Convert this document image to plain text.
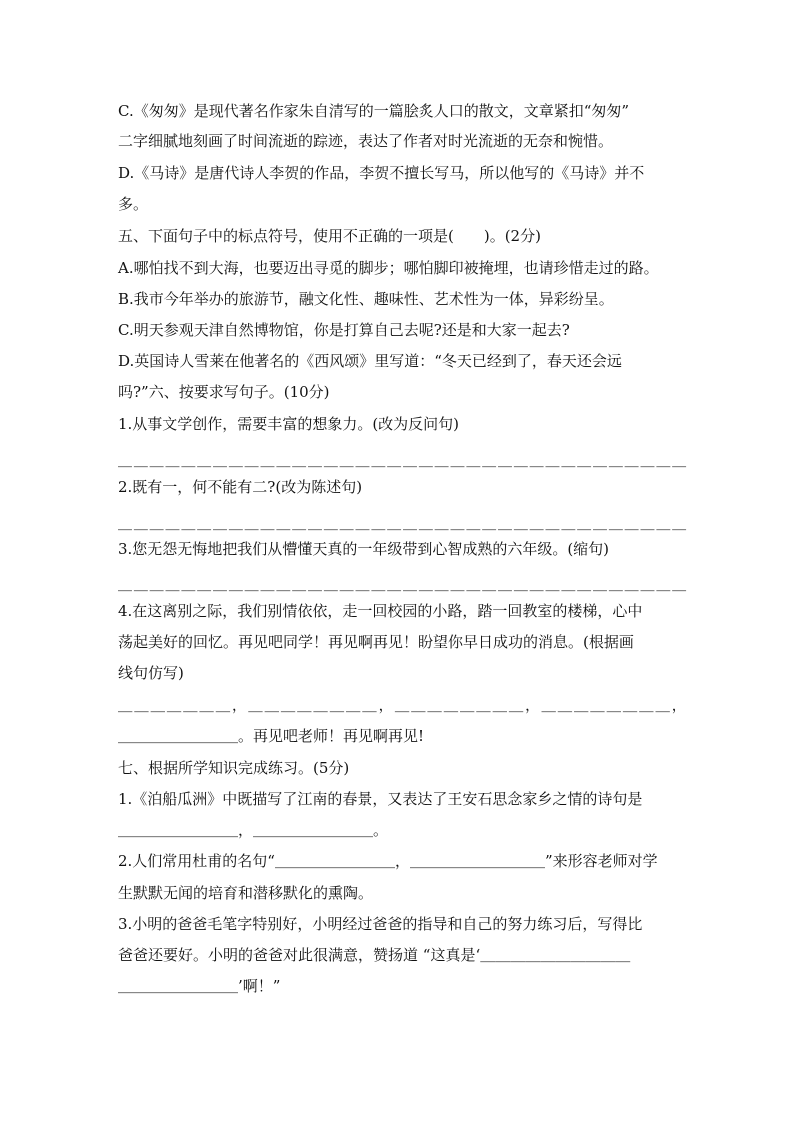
C.《匆匆》是现代著名作家朱自清写的一篇脍炙人口的散文，文章紧扣“匆匆”
二字细腻地刻画了时间流逝的踪迹，表达了作者对时光流逝的无奈和惋惜。
D.《马诗》是唐代诗人李贺的作品，李贺不擅长写马，所以他写的《马诗》并不
多。
五、下面句子中的标点符号，使用不正确的一项是(　　)。(2分)
A.哪怕找不到大海，也要迈出寻觅的脚步；哪怕脚印被掩埋，也请珍惜走过的路。
B.我市今年举办的旅游节，融文化性、趣味性、艺术性为一体，异彩纷呈。
C.明天参观天津自然博物馆，你是打算自己去呢?还是和大家一起去?
D.英国诗人雪莱在他著名的《西风颂》里写道：“冬天已经到了，春天还会远
吗?”六、按要求写句子。(10分)
1.从事文学创作，需要丰富的想象力。(改为反问句)
＿＿＿＿＿＿＿＿＿＿＿＿＿＿＿＿＿＿＿＿＿＿＿＿＿＿＿＿＿＿＿＿＿＿＿＿
2.既有一，何不能有二?(改为陈述句)
＿＿＿＿＿＿＿＿＿＿＿＿＿＿＿＿＿＿＿＿＿＿＿＿＿＿＿＿＿＿＿＿＿＿＿＿
3.您无怨无悔地把我们从懵懂天真的一年级带到心智成熟的六年级。(缩句)
＿＿＿＿＿＿＿＿＿＿＿＿＿＿＿＿＿＿＿＿＿＿＿＿＿＿＿＿＿＿＿＿＿＿＿＿
4.在这离别之际，我们别情依依，走一回校园的小路，踏一回教室的楼梯，心中
荡起美好的回忆。再见吧同学！再见啊再见！盼望你早日成功的消息。(根据画
线句仿写)
＿＿＿＿＿＿＿，＿＿＿＿＿＿＿＿，＿＿＿＿＿＿＿＿，＿＿＿＿＿＿＿＿，
＿＿＿＿＿＿＿＿。再见吧老师！再见啊再见!
七、根据所学知识完成练习。(5分)
1.《泊船瓜洲》中既描写了江南的春景，又表达了王安石思念家乡之情的诗句是
＿＿＿＿＿＿＿＿，＿＿＿＿＿＿＿＿。
2.人们常用杜甫的名句“＿＿＿＿＿＿＿＿，＿＿＿＿＿＿＿＿＿”来形容老师对学
生默默无闻的培育和潜移默化的熏陶。
3.小明的爸爸毛笔字特别好，小明经过爸爸的指导和自己的努力练习后，写得比
爸爸还要好。小明的爸爸对此很满意，赞扬道 “这真是‘＿＿＿＿＿＿＿＿＿＿
＿＿＿＿＿＿＿＿’啊！”
